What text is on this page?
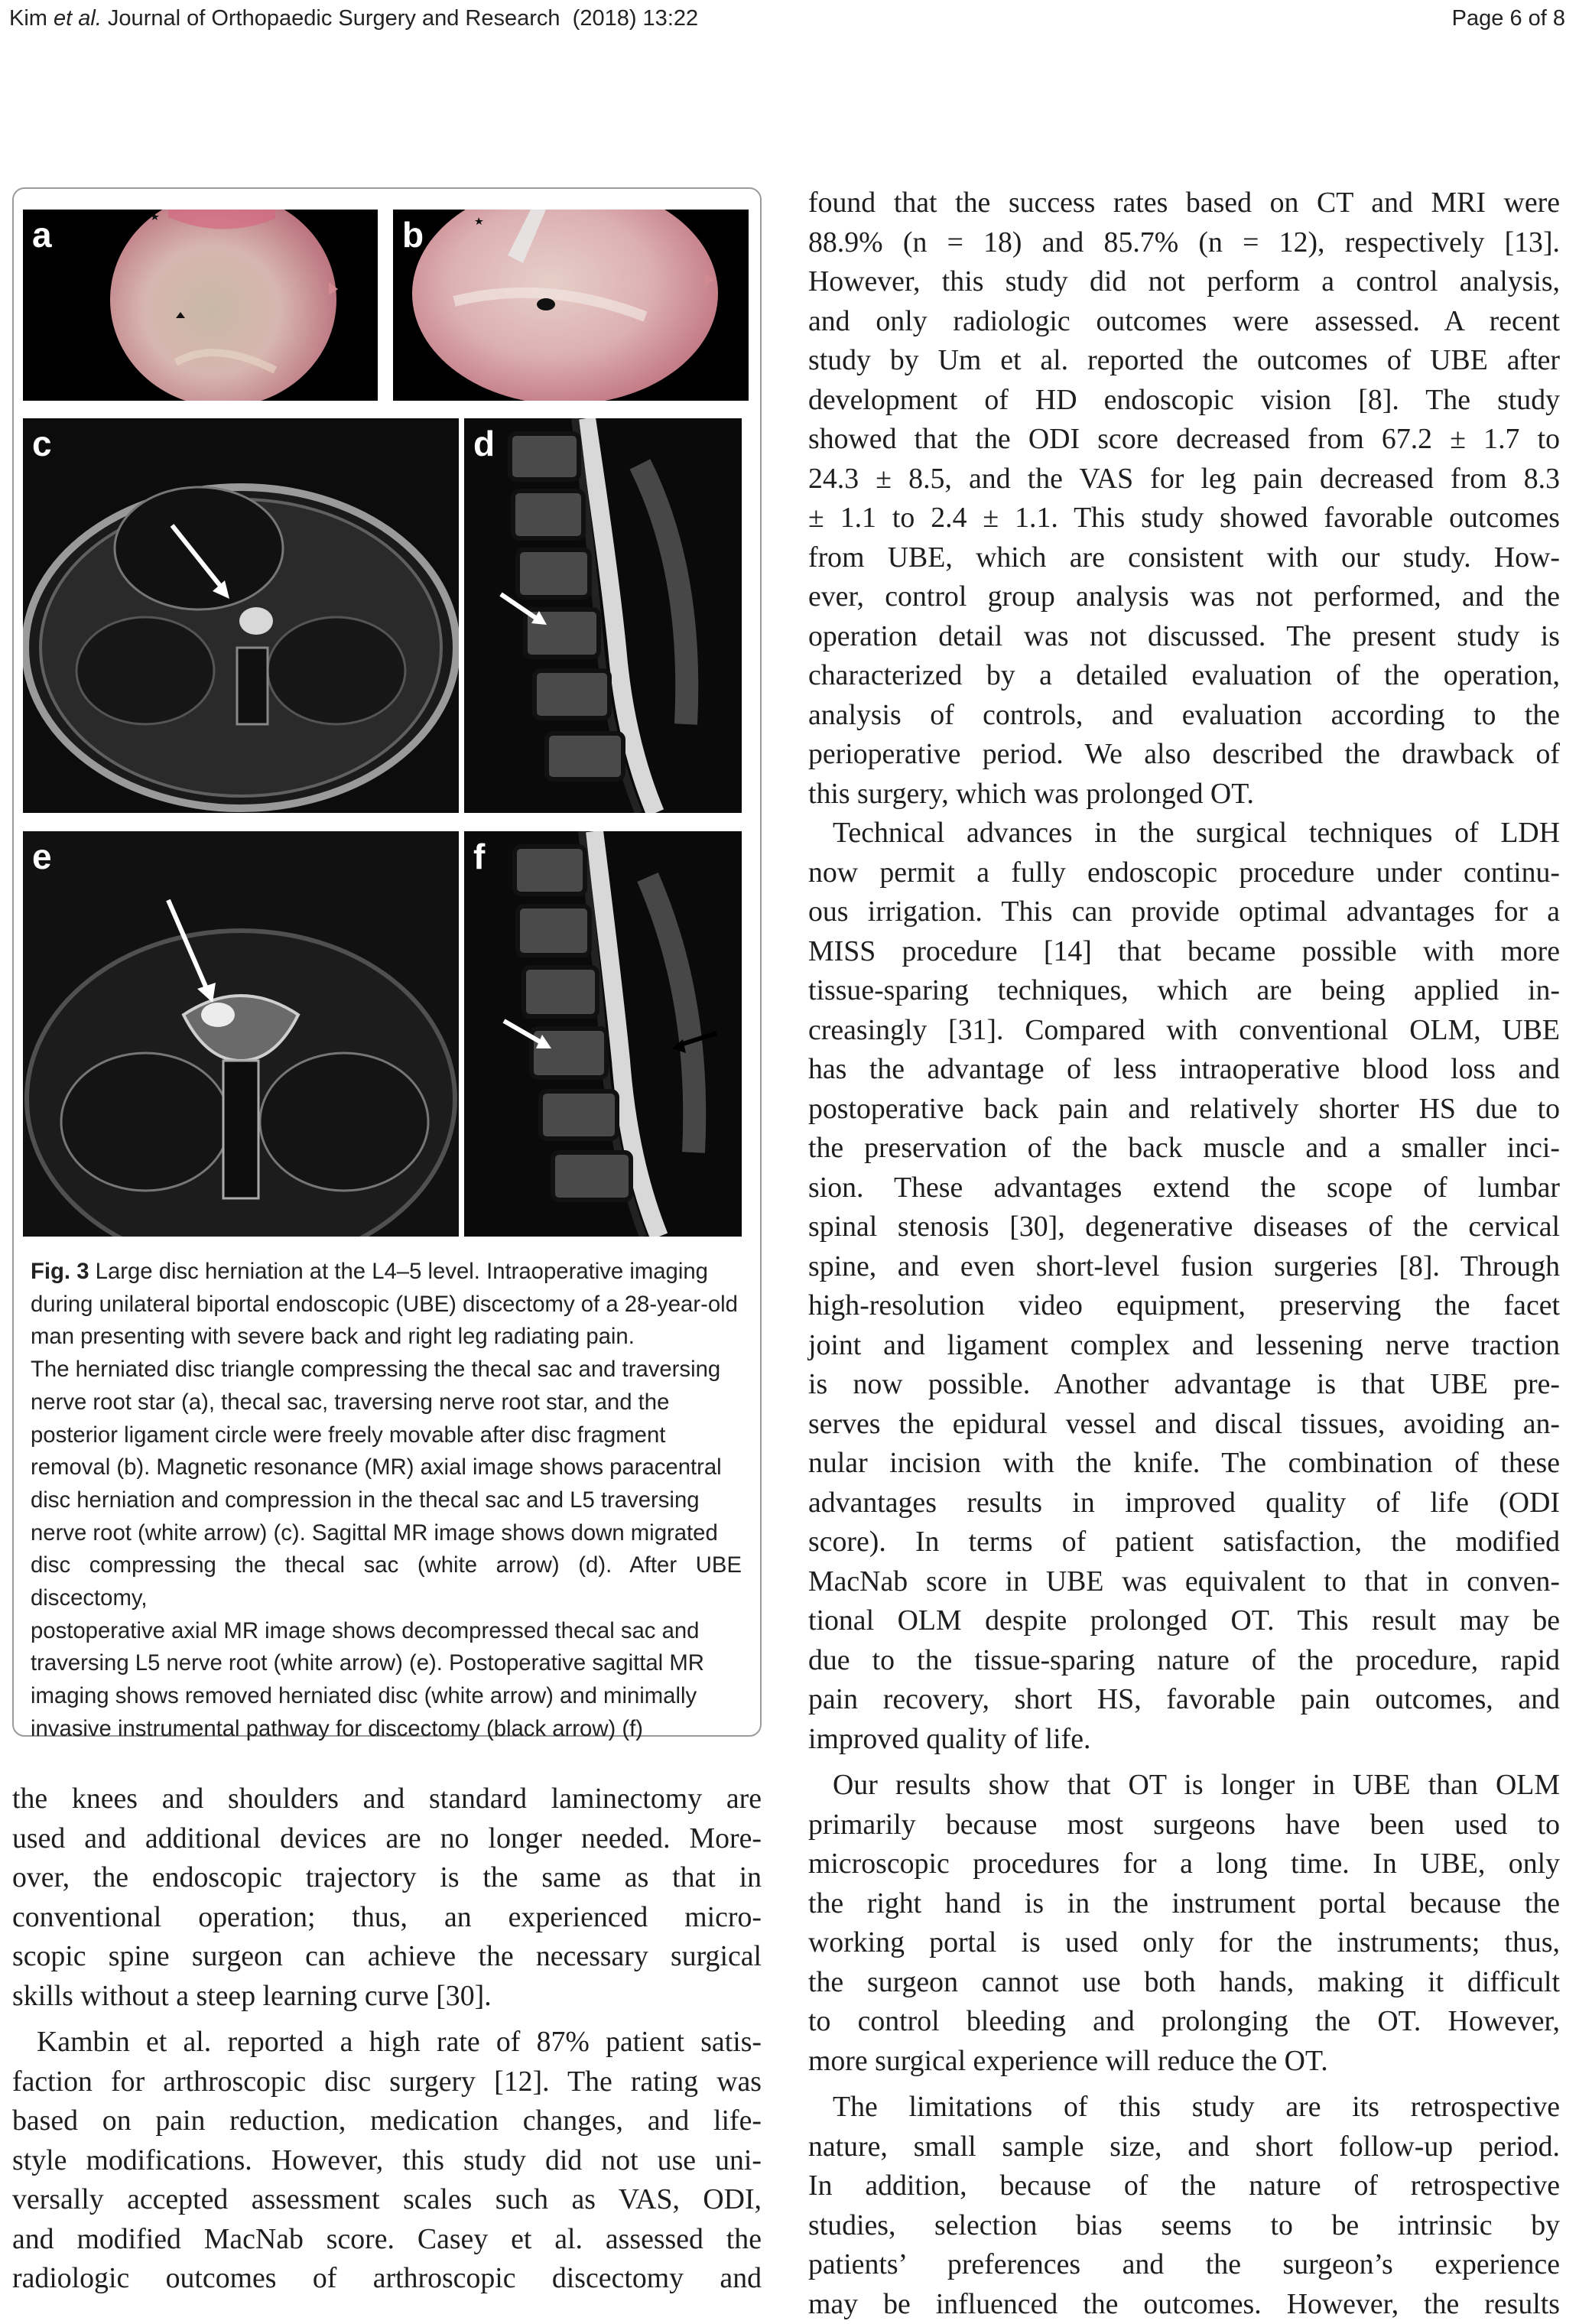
Kim et al. Journal of Orthopaedic Surgery and Research (2018) 13:22	Page 6 of 8
a	b
c	d
e	f
Fig. 3 Large disc herniation at the L4–5 level. Intraoperative imaging
during unilateral biportal endoscopic (UBE) discectomy of a 28-year-old
man presenting with severe back and right leg radiating pain.
The herniated disc triangle compressing the thecal sac and traversing
nerve root star (a), thecal sac, traversing nerve root star, and the
posterior ligament circle were freely movable after disc fragment
removal (b). Magnetic resonance (MR) axial image shows paracentral
disc herniation and compression in the thecal sac and L5 traversing
nerve root (white arrow) (c). Sagittal MR image shows down migrated
disc compressing the thecal sac (white arrow) (d). After UBE discectomy,
postoperative axial MR image shows decompressed thecal sac and
traversing L5 nerve root (white arrow) (e). Postoperative sagittal MR
imaging shows removed herniated disc (white arrow) and minimally
invasive instrumental pathway for discectomy (black arrow) (f)

the knees and shoulders and standard laminectomy are
used and additional devices are no longer needed. More-
over, the endoscopic trajectory is the same as that in
conventional operation; thus, an experienced micro-
scopic spine surgeon can achieve the necessary surgical
skills without a steep learning curve [30].

Kambin et al. reported a high rate of 87% patient satis-
faction for arthroscopic disc surgery [12]. The rating was
based on pain reduction, medication changes, and life-
style modifications. However, this study did not use uni-
versally accepted assessment scales such as VAS, ODI,
and modified MacNab score. Casey et al. assessed the
radiologic outcomes of arthroscopic discectomy and

found that the success rates based on CT and MRI were
88.9% (n = 18) and 85.7% (n = 12), respectively [13].
However, this study did not perform a control analysis,
and only radiologic outcomes were assessed. A recent
study by Um et al. reported the outcomes of UBE after
development of HD endoscopic vision [8]. The study
showed that the ODI score decreased from 67.2 ± 1.7 to
24.3 ± 8.5, and the VAS for leg pain decreased from 8.3
± 1.1 to 2.4 ± 1.1. This study showed favorable outcomes
from UBE, which are consistent with our study. How-
ever, control group analysis was not performed, and the
operation detail was not discussed. The present study is
characterized by a detailed evaluation of the operation,
analysis of controls, and evaluation according to the
perioperative period. We also described the drawback of
this surgery, which was prolonged OT.

Technical advances in the surgical techniques of LDH
now permit a fully endoscopic procedure under continu-
ous irrigation. This can provide optimal advantages for a
MISS procedure [14] that became possible with more
tissue-sparing techniques, which are being applied in-
creasingly [31]. Compared with conventional OLM, UBE
has the advantage of less intraoperative blood loss and
postoperative back pain and relatively shorter HS due to
the preservation of the back muscle and a smaller inci-
sion. These advantages extend the scope of lumbar
spinal stenosis [30], degenerative diseases of the cervical
spine, and even short-level fusion surgeries [8]. Through
high-resolution video equipment, preserving the facet
joint and ligament complex and lessening nerve traction
is now possible. Another advantage is that UBE pre-
serves the epidural vessel and discal tissues, avoiding an-
nular incision with the knife. The combination of these
advantages results in improved quality of life (ODI
score). In terms of patient satisfaction, the modified
MacNab score in UBE was equivalent to that in conven-
tional OLM despite prolonged OT. This result may be
due to the tissue-sparing nature of the procedure, rapid
pain recovery, short HS, favorable pain outcomes, and
improved quality of life.

Our results show that OT is longer in UBE than OLM
primarily because most surgeons have been used to
microscopic procedures for a long time. In UBE, only
the right hand is in the instrument portal because the
working portal is used only for the instruments; thus,
the surgeon cannot use both hands, making it difficult
to control bleeding and prolonging the OT. However,
more surgical experience will reduce the OT.

The limitations of this study are its retrospective
nature, small sample size, and short follow-up period.
In addition, because of the nature of retrospective
studies, selection bias seems to be intrinsic by
patients’ preferences and the surgeon’s experience
may be influenced the outcomes. However, the results
